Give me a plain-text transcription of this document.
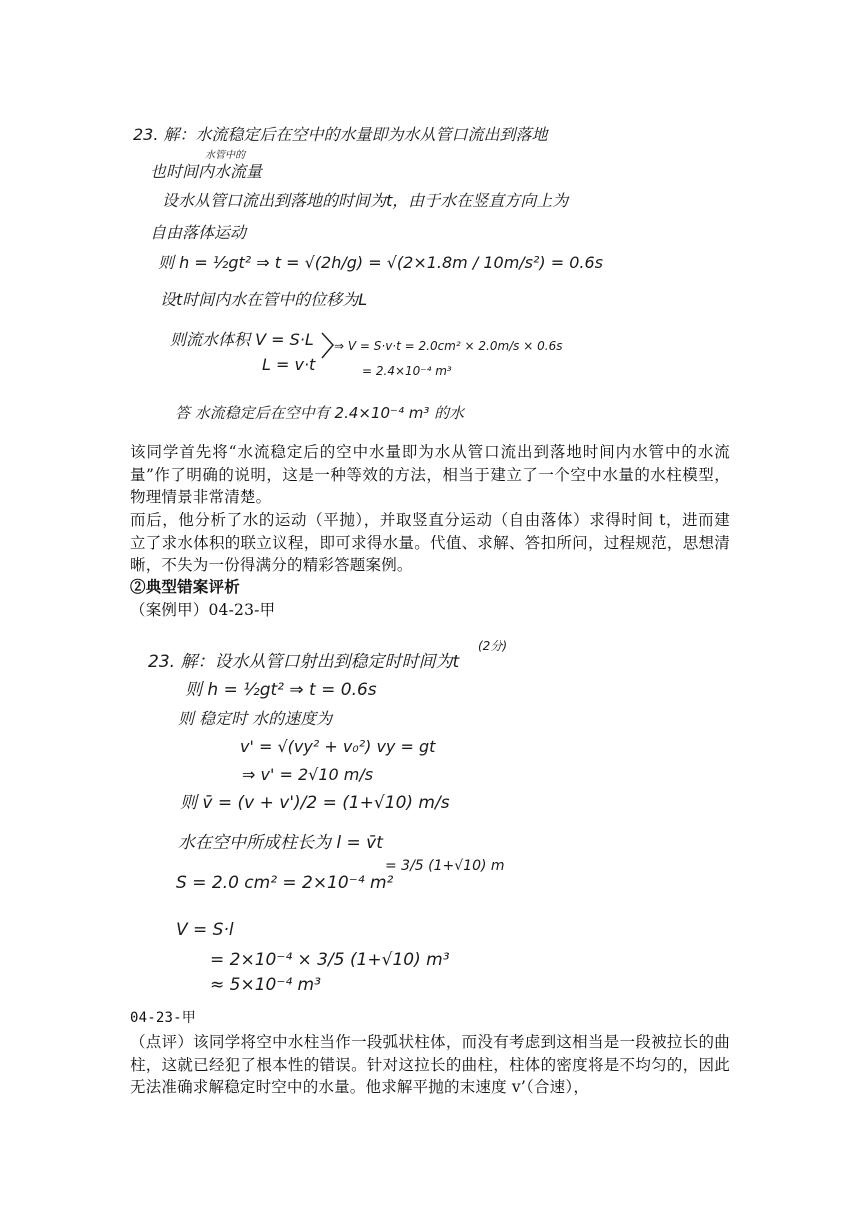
23. 解：水流稳定后在空中的水量即为水从管口流出到落地
水管中的
也时间内水流量
设水从管口流出到落地的时间为t，由于水在竖直方向上为
自由落体运动
则 h = ½gt² ⇒ t = √(2h/g) = √(2×1.8m / 10m/s²) = 0.6s
设t时间内水在管中的位移为L
则流水体积 V = S·L ⇒ V = S·v·t = 2.0cm² × 2.0m/s × 0.6s
L = v·t	= 2.4×10⁻⁴ m³
答 水流稳定后在空中有 2.4×10⁻⁴ m³ 的水

该同学首先将“水流稳定后的空中水量即为水从管口流出到落地时间内水管中的水流量”作了明确的说明，这是一种等效的方法，相当于建立了一个空中水量的水柱模型，物理情景非常清楚。

而后，他分析了水的运动（平抛），并取竖直分运动（自由落体）求得时间 t，进而建立了求水体积的联立议程，即可求得水量。代值、求解、答扣所问，过程规范，思想清晰，不失为一份得满分的精彩答题案例。

②典型错案评析
（案例甲）04-23-甲
23. 解：设水从管口射出到稳定时时间为t
(2分)
则 h = ½gt² ⇒ t = 0.6s
则 稳定时 水的速度为
v' = √(vy² + v₀²) vy = gt
⇒ v' = 2√10 m/s
则 v̄ = (v + v')/2 = (1+√10) m/s
水在空中所成柱长为 l = v̄t
= 3/5 (1+√10) m
S = 2.0 cm² = 2×10⁻⁴ m²
V = S·l
= 2×10⁻⁴ × 3/5 (1+√10) m³
≈ 5×10⁻⁴ m³
04-23-甲

（点评）该同学将空中水柱当作一段弧状柱体，而没有考虑到这相当是一段被拉长的曲柱，这就已经犯了根本性的错误。针对这拉长的曲柱，柱体的密度将是不均匀的，因此无法准确求解稳定时空中的水量。他求解平抛的末速度 v’（合速），
